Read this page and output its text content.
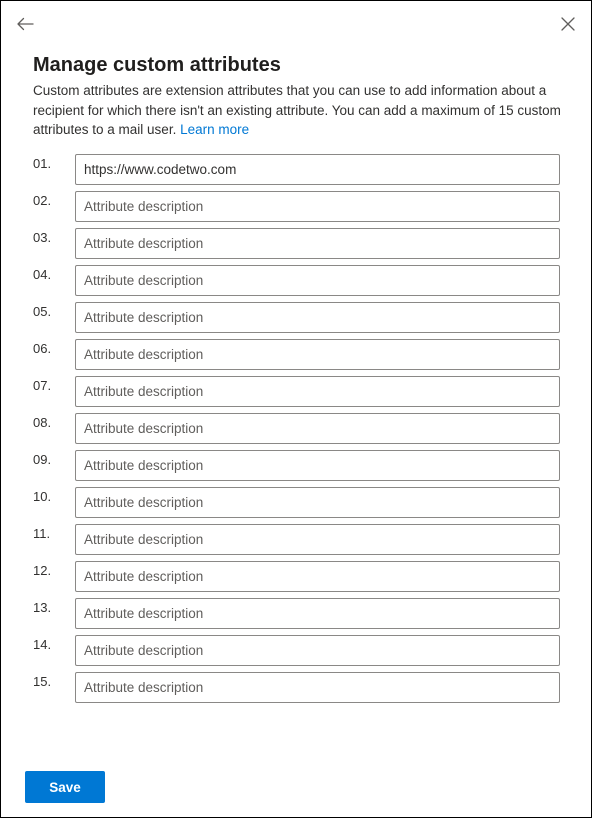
Manage custom attributes

Custom attributes are extension attributes that you can use to add information about a recipient for which there isn't an existing attribute. You can add a maximum of 15 custom attributes to a mail user. Learn more

01.
https://www.codetwo.com
02.
Attribute description
03.
Attribute description
04.
Attribute description
05.
Attribute description
06.
Attribute description
07.
Attribute description
08.
Attribute description
09.
Attribute description
10.
Attribute description
11.
Attribute description
12.
Attribute description
13.
Attribute description
14.
Attribute description
15.
Attribute description
Save
